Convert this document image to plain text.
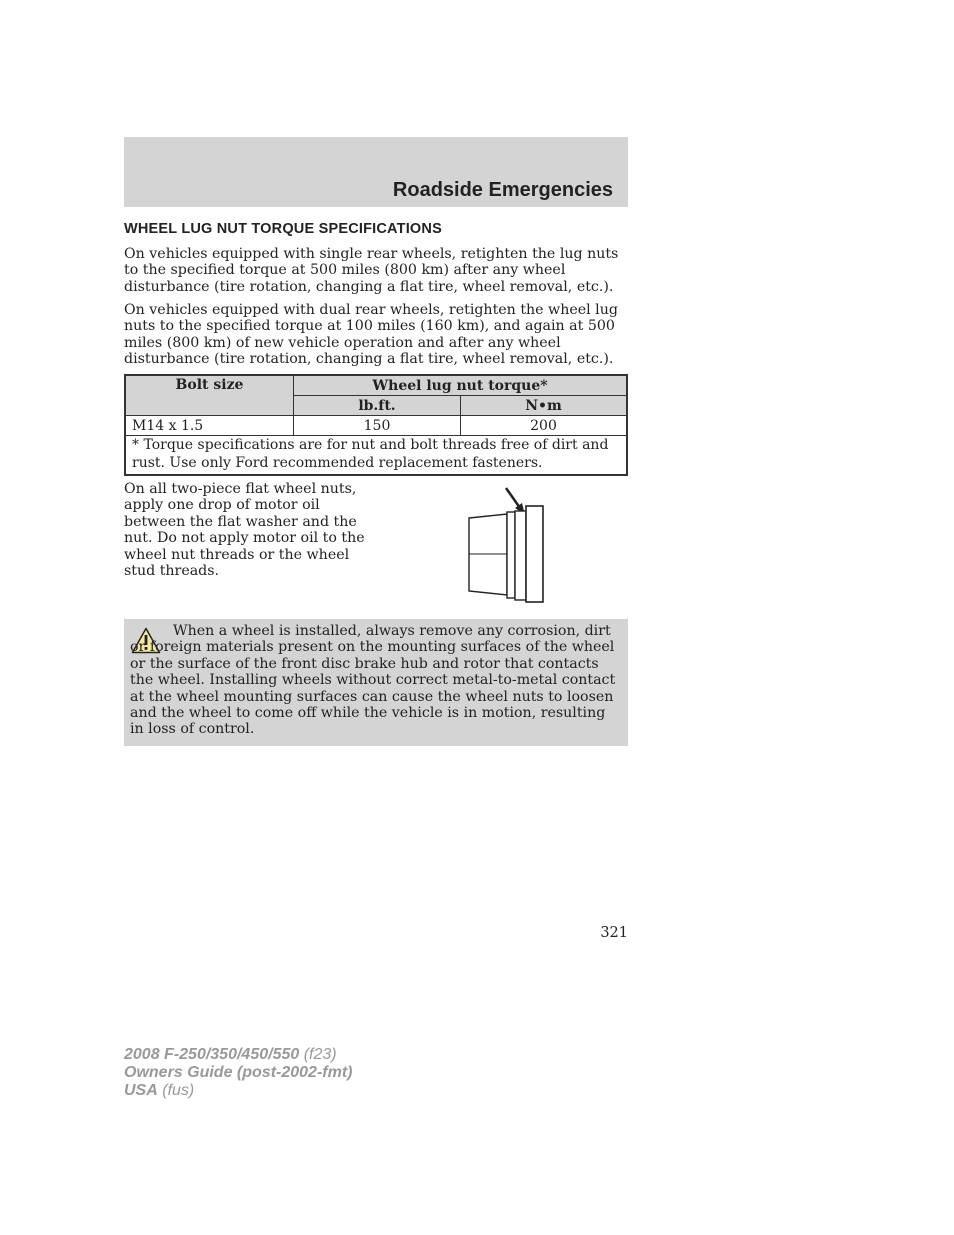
Roadside Emergencies
WHEEL LUG NUT TORQUE SPECIFICATIONS

On vehicles equipped with single rear wheels, retighten the lug nuts to the specified torque at 500 miles (800 km) after any wheel disturbance (tire rotation, changing a flat tire, wheel removal, etc.).

On vehicles equipped with dual rear wheels, retighten the wheel lug nuts to the specified torque at 100 miles (160 km), and again at 500 miles (800 km) of new vehicle operation and after any wheel disturbance (tire rotation, changing a flat tire, wheel removal, etc.).

Bolt size	Wheel lug nut torque*	
	lb.ft.	N•m
M14 x 1.5	150	200
* Torque specifications are for nut and bolt threads free of dirt and rust. Use only Ford recommended replacement fasteners.		

On all two-piece flat wheel nuts, apply one drop of motor oil between the flat washer and the nut. Do not apply motor oil to the wheel nut threads or the wheel stud threads.

When a wheel is installed, always remove any corrosion, dirt or foreign materials present on the mounting surfaces of the wheel or the surface of the front disc brake hub and rotor that contacts the wheel. Installing wheels without correct metal-to-metal contact at the wheel mounting surfaces can cause the wheel nuts to loosen and the wheel to come off while the vehicle is in motion, resulting in loss of control.

321
2008 F-250/350/450/550 (f23)
Owners Guide (post-2002-fmt)
USA (fus)
